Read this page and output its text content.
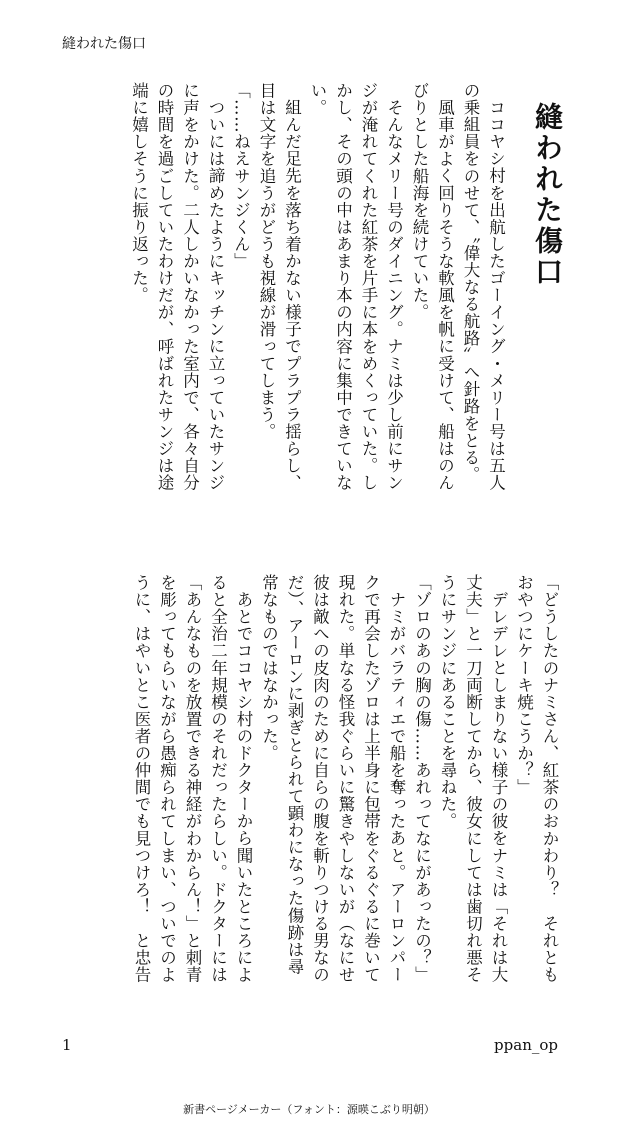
縫われた傷口
縫われた傷口
ココヤシ村を出航したゴーイング・メリー号は五人
の乗組員をのせて、〝偉大なる航路〟へ針路をとる。
風車がよく回りそうな軟風を帆に受けて、船はのん
びりとした船海を続けていた。
そんなメリー号のダイニング。ナミは少し前にサン
ジが淹れてくれた紅茶を片手に本をめくっていた。し
かし、その頭の中はあまり本の内容に集中できていな
い。
組んだ足先を落ち着かない様子でプラプラ揺らし、
目は文字を追うがどうも視線が滑ってしまう。
「……ねえサンジくん」
ついには諦めたようにキッチンに立っていたサンジ
に声をかけた。二人しかいなかった室内で、各々自分
の時間を過ごしていたわけだが、呼ばれたサンジは途
端に嬉しそうに振り返った。
「どうしたのナミさん、紅茶のおかわり？　それとも
おやつにケーキ焼こうか？」
デレデレとしまりない様子の彼をナミは「それは大
丈夫」と一刀両断してから、彼女にしては歯切れ悪そ
うにサンジにあることを尋ねた。
「ゾロのあの胸の傷……あれってなにがあったの？」
ナミがバラティエで船を奪ったあと。アーロンパー
クで再会したゾロは上半身に包帯をぐるぐるに巻いて
現れた。単なる怪我ぐらいに驚きやしないが（なにせ
彼は敵への皮肉のために自らの腹を斬りつける男なの
だ）、アーロンに剥ぎとられて顕わになった傷跡は尋
常なものではなかった。
あとでココヤシ村のドクターから聞いたところによ
ると全治二年規模のそれだったらしい。ドクターには
「あんなものを放置できる神経がわからん！」と刺青
を彫ってもらいながら愚痴られてしまい、ついでのよ
うに、はやいとこ医者の仲間でも見つけろ！　と忠告
1	ppan_op
新書ページメーカー（フォント：源暎こぶり明朝）
